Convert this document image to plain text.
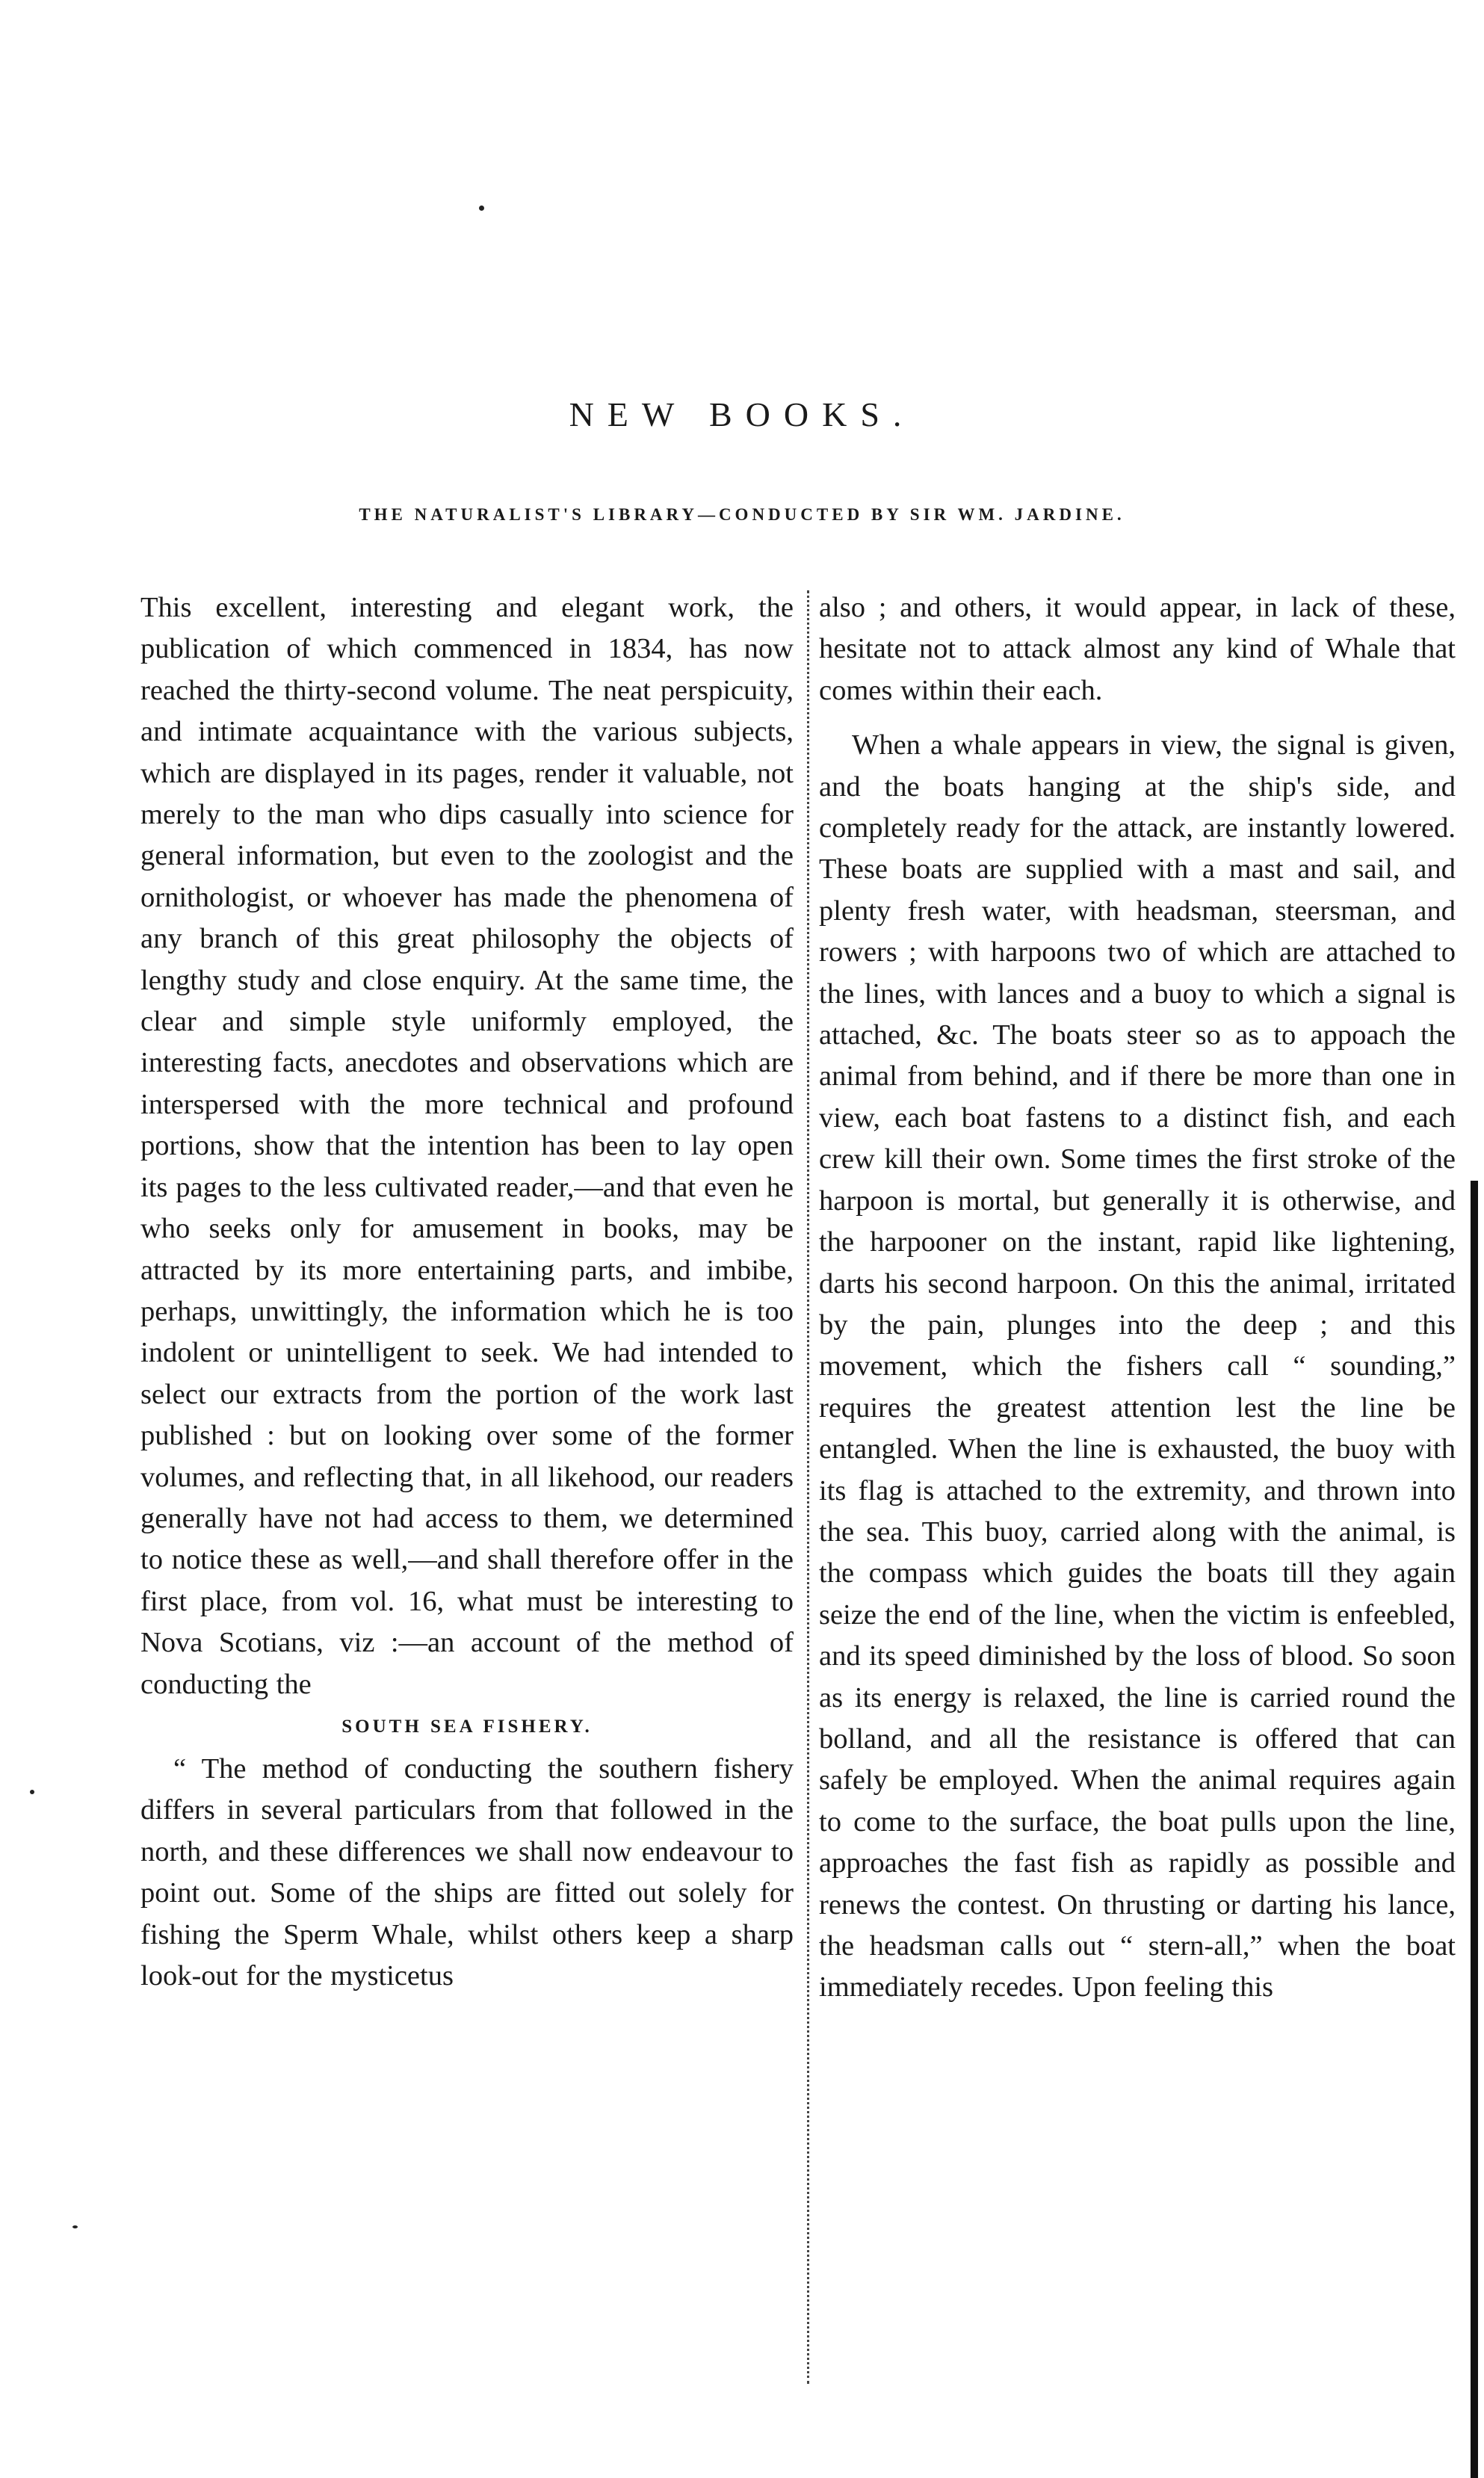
NEW BOOKS.
THE NATURALIST'S LIBRARY—CONDUCTED BY SIR WM. JARDINE.

This excellent, interesting and elegant work, the publication of which commenced in 1834, has now reached the thirty-second volume. The neat perspicuity, and intimate acquaintance with the various subjects, which are displayed in its pages, render it valuable, not merely to the man who dips casually into science for general information, but even to the zoologist and the ornithologist, or whoever has made the phenomena of any branch of this great philosophy the objects of lengthy study and close enquiry. At the same time, the clear and simple style uniformly employed, the interesting facts, anecdotes and observations which are interspersed with the more technical and profound portions, show that the intention has been to lay open its pages to the less cultivated reader,—and that even he who seeks only for amusement in books, may be attracted by its more entertaining parts, and imbibe, perhaps, unwittingly, the information which he is too indolent or unintelligent to seek. We had intended to select our extracts from the portion of the work last published : but on looking over some of the former volumes, and reflecting that, in all likehood, our readers generally have not had access to them, we determined to notice these as well,—and shall therefore offer in the first place, from vol. 16, what must be interesting to Nova Scotians, viz :—an account of the method of conducting the

SOUTH SEA FISHERY.

“ The method of conducting the southern fishery differs in several particulars from that followed in the north, and these differences we shall now endeavour to point out. Some of the ships are fitted out solely for fishing the Sperm Whale, whilst others keep a sharp look-out for the mysticetus

also ; and others, it would appear, in lack of these, hesitate not to attack almost any kind of Whale that comes within their each.

When a whale appears in view, the signal is given, and the boats hanging at the ship's side, and completely ready for the attack, are instantly lowered. These boats are supplied with a mast and sail, and plenty fresh water, with headsman, steersman, and rowers ; with harpoons two of which are attached to the lines, with lances and a buoy to which a signal is attached, &c. The boats steer so as to appoach the animal from behind, and if there be more than one in view, each boat fastens to a distinct fish, and each crew kill their own. Some times the first stroke of the harpoon is mortal, but generally it is otherwise, and the harpooner on the instant, rapid like lightening, darts his second harpoon. On this the animal, irritated by the pain, plunges into the deep ; and this movement, which the fishers call “ sounding,” requires the greatest attention lest the line be entangled. When the line is exhausted, the buoy with its flag is attached to the extremity, and thrown into the sea. This buoy, carried along with the animal, is the compass which guides the boats till they again seize the end of the line, when the victim is enfeebled, and its speed diminished by the loss of blood. So soon as its energy is relaxed, the line is carried round the bolland, and all the resistance is offered that can safely be employed. When the animal requires again to come to the surface, the boat pulls upon the line, approaches the fast fish as rapidly as possible and renews the contest. On thrusting or darting his lance, the headsman calls out “ stern-all,” when the boat immediately recedes. Upon feeling this
